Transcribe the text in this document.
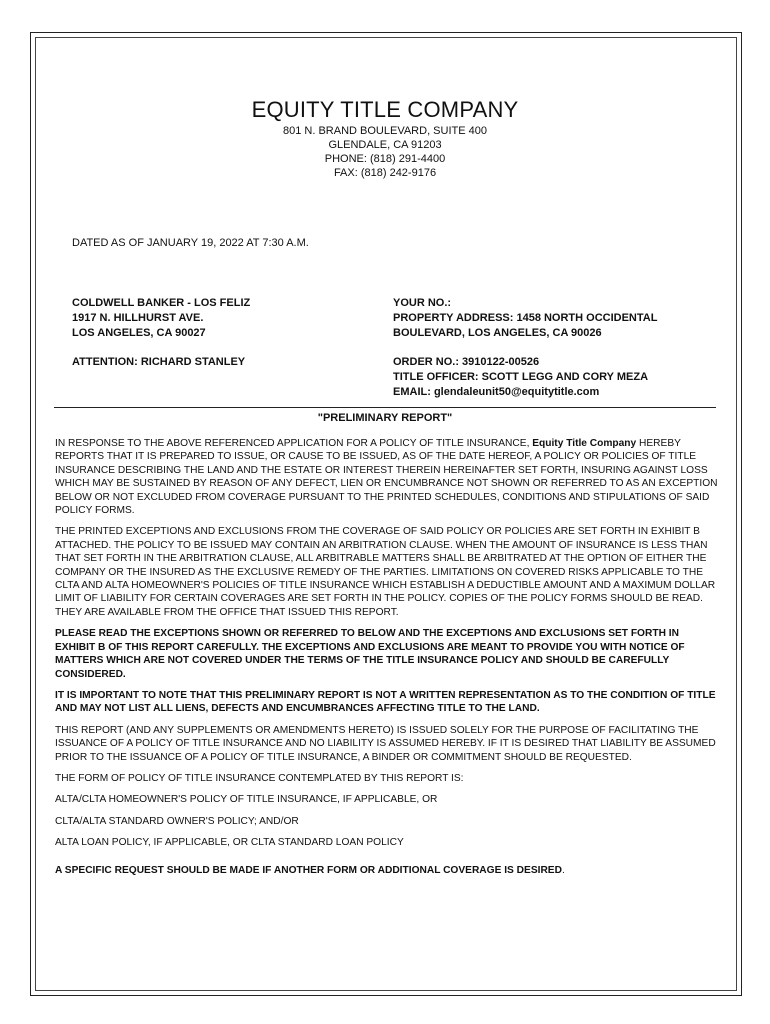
EQUITY TITLE COMPANY
801 N. BRAND BOULEVARD, SUITE 400
GLENDALE, CA 91203
PHONE: (818) 291-4400
FAX: (818) 242-9176
DATED AS OF JANUARY 19, 2022 AT 7:30 A.M.
COLDWELL BANKER - LOS FELIZ
1917 N. HILLHURST AVE.
LOS ANGELES, CA 90027
ATTENTION: RICHARD STANLEY
YOUR NO.:
PROPERTY ADDRESS: 1458 NORTH OCCIDENTAL
BOULEVARD, LOS ANGELES, CA 90026
ORDER NO.: 3910122-00526
TITLE OFFICER: SCOTT LEGG AND CORY MEZA
EMAIL: glendaleunit50@equitytitle.com
"PRELIMINARY REPORT"

IN RESPONSE TO THE ABOVE REFERENCED APPLICATION FOR A POLICY OF TITLE INSURANCE, Equity Title Company HEREBY REPORTS THAT IT IS PREPARED TO ISSUE, OR CAUSE TO BE ISSUED, AS OF THE DATE HEREOF, A POLICY OR POLICIES OF TITLE INSURANCE DESCRIBING THE LAND AND THE ESTATE OR INTEREST THEREIN HEREINAFTER SET FORTH, INSURING AGAINST LOSS WHICH MAY BE SUSTAINED BY REASON OF ANY DEFECT, LIEN OR ENCUMBRANCE NOT SHOWN OR REFERRED TO AS AN EXCEPTION BELOW OR NOT EXCLUDED FROM COVERAGE PURSUANT TO THE PRINTED SCHEDULES, CONDITIONS AND STIPULATIONS OF SAID POLICY FORMS.

THE PRINTED EXCEPTIONS AND EXCLUSIONS FROM THE COVERAGE OF SAID POLICY OR POLICIES ARE SET FORTH IN EXHIBIT B ATTACHED. THE POLICY TO BE ISSUED MAY CONTAIN AN ARBITRATION CLAUSE. WHEN THE AMOUNT OF INSURANCE IS LESS THAN THAT SET FORTH IN THE ARBITRATION CLAUSE, ALL ARBITRABLE MATTERS SHALL BE ARBITRATED AT THE OPTION OF EITHER THE COMPANY OR THE INSURED AS THE EXCLUSIVE REMEDY OF THE PARTIES. LIMITATIONS ON COVERED RISKS APPLICABLE TO THE CLTA AND ALTA HOMEOWNER'S POLICIES OF TITLE INSURANCE WHICH ESTABLISH A DEDUCTIBLE AMOUNT AND A MAXIMUM DOLLAR LIMIT OF LIABILITY FOR CERTAIN COVERAGES ARE SET FORTH IN THE POLICY. COPIES OF THE POLICY FORMS SHOULD BE READ. THEY ARE AVAILABLE FROM THE OFFICE THAT ISSUED THIS REPORT.

PLEASE READ THE EXCEPTIONS SHOWN OR REFERRED TO BELOW AND THE EXCEPTIONS AND EXCLUSIONS SET FORTH IN EXHIBIT B OF THIS REPORT CAREFULLY. THE EXCEPTIONS AND EXCLUSIONS ARE MEANT TO PROVIDE YOU WITH NOTICE OF MATTERS WHICH ARE NOT COVERED UNDER THE TERMS OF THE TITLE INSURANCE POLICY AND SHOULD BE CAREFULLY CONSIDERED.

IT IS IMPORTANT TO NOTE THAT THIS PRELIMINARY REPORT IS NOT A WRITTEN REPRESENTATION AS TO THE CONDITION OF TITLE AND MAY NOT LIST ALL LIENS, DEFECTS AND ENCUMBRANCES AFFECTING TITLE TO THE LAND.

THIS REPORT (AND ANY SUPPLEMENTS OR AMENDMENTS HERETO) IS ISSUED SOLELY FOR THE PURPOSE OF FACILITATING THE ISSUANCE OF A POLICY OF TITLE INSURANCE AND NO LIABILITY IS ASSUMED HEREBY. IF IT IS DESIRED THAT LIABILITY BE ASSUMED PRIOR TO THE ISSUANCE OF A POLICY OF TITLE INSURANCE, A BINDER OR COMMITMENT SHOULD BE REQUESTED.

THE FORM OF POLICY OF TITLE INSURANCE CONTEMPLATED BY THIS REPORT IS:

ALTA/CLTA HOMEOWNER'S POLICY OF TITLE INSURANCE, IF APPLICABLE, OR

CLTA/ALTA STANDARD OWNER'S POLICY; AND/OR

ALTA LOAN POLICY, IF APPLICABLE, OR CLTA STANDARD LOAN POLICY

A SPECIFIC REQUEST SHOULD BE MADE IF ANOTHER FORM OR ADDITIONAL COVERAGE IS DESIRED.
